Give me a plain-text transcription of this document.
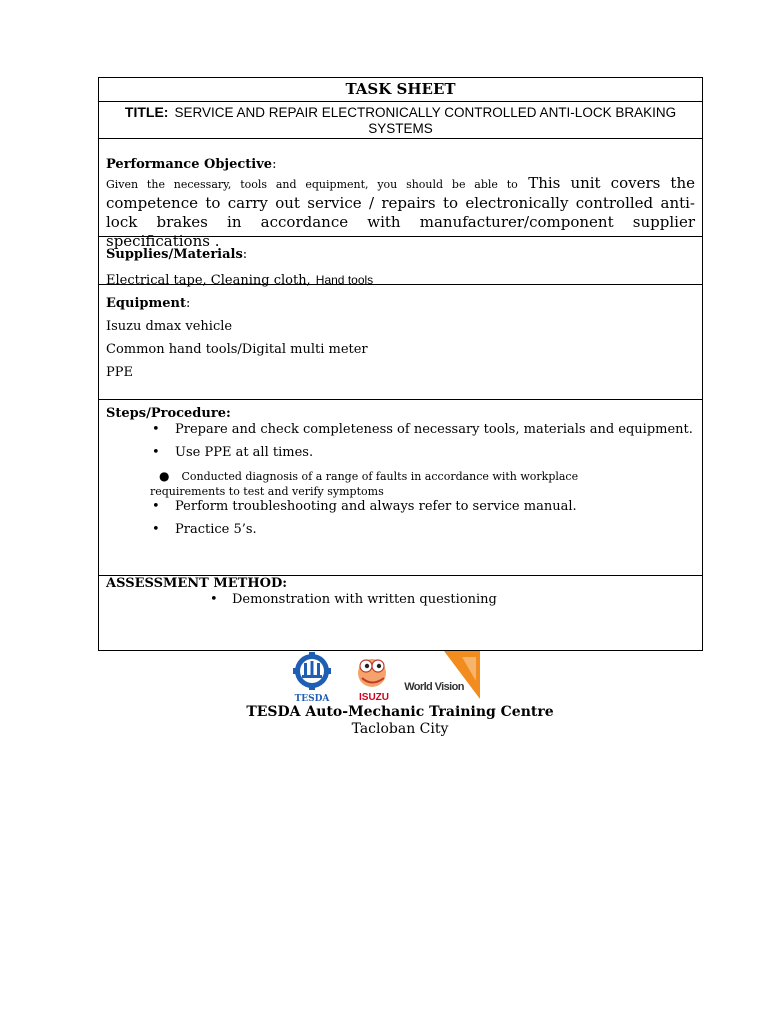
TASK SHEET
TITLE: SERVICE AND REPAIR ELECTRONICALLY CONTROLLED ANTI-LOCK BRAKING SYSTEMS
Performance Objective:
Given the necessary, tools and equipment, you should be able to This unit covers the competence to carry out service / repairs to electronically controlled anti-lock brakes in accordance with manufacturer/component supplier specifications .
Supplies/Materials:
Electrical tape, Cleaning cloth, Hand tools
Equipment:
Isuzu dmax vehicle
Common hand tools/Digital multi meter
PPE
Steps/Procedure:
• Prepare and check completeness of necessary tools, materials and equipment.
• Use PPE at all times.
● Conducted diagnosis of a range of faults in accordance with workplace
requirements to test and verify symptoms
• Perform troubleshooting and always refer to service manual.
• Practice 5’s.
ASSESSMENT METHOD:
• Demonstration with written questioning
TESDA	ISUZU
World Vision
TESDA Auto-Mechanic Training Centre
Tacloban City
